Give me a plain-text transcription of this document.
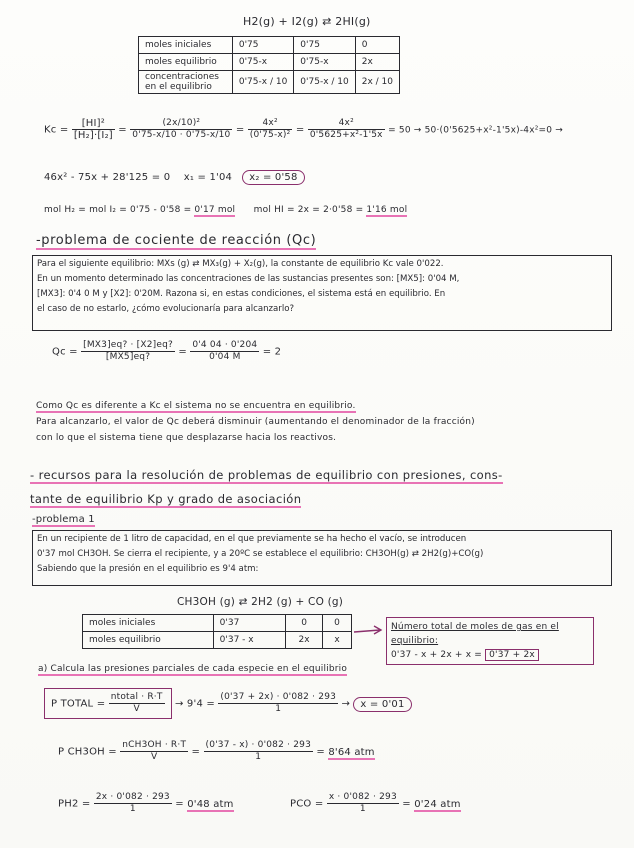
H2(g) + I2(g) ⇄ 2HI(g)
moles iniciales	0'75	0'75	0
moles equilibrio	0'75-x	0'75-x	2x
concentraciones en el equilibrio	0'75-x / 10	0'75-x / 10	2x / 10
$Kc = \frac{\text{[HI]²}}{\text{[H₂]·[I₂]}} = \frac{\text{(2x/10)²}}{0'75-x/10 \cdot 0'75-x/10} = \frac{\text{4x²}}{\text{(0'75-x)²}} = \frac{\text{4x²}}{\text{0'5625+x²-1'5x}} = 50 \to 50\cdot(0'5625+x^2-1'5x)-4x^2=0$ →
46x² - 75x + 28'125 = 0 x₁ = 1'04 x₂ = 0'58
mol H₂ = mol I₂ = 0'75 - 0'58 = 0'17 mol mol HI = 2x = 2·0'58 = 1'16 mol
-problema de cociente de reacción (Qc)
Para el siguiente equilibrio: MXs (g) ⇄ MX₃(g) + X₂(g), la constante de equilibrio Kc vale 0'022.
En un momento determinado las concentraciones de las sustancias presentes son: [MX5]: 0'04 M,
[MX3]: 0'4 0 M y [X2]: 0'20M. Razona si, en estas condiciones, el sistema está en equilibrio. En
el caso de no estarlo, ¿cómo evolucionaría para alcanzarlo?
$Qc = \frac{[MX3]eq? \cdot [X2]eq?}{[MX5]eq?} = \frac{0'4 04 \cdot 0'204}{0'04 M} = 2$
Como Qc es diferente a Kc el sistema no se encuentra en equilibrio.
Para alcanzarlo, el valor de Qc deberá disminuir (aumentando el denominador de la fracción)
con lo que el sistema tiene que desplazarse hacia los reactivos.
- recursos para la resolución de problemas de equilibrio con presiones, cons-
tante de equilibrio Kp y grado de asociación
-problema 1
En un recipiente de 1 litro de capacidad, en el que previamente se ha hecho el vacío, se introducen
0'37 mol CH3OH. Se cierra el recipiente, y a 20ºC se establece el equilibrio: CH3OH(g) ⇄ 2H2(g)+CO(g)
Sabiendo que la presión en el equilibrio es 9'4 atm:
CH3OH (g) ⇄ 2H2 (g) + CO (g)
moles iniciales	0'37	0	0
moles equilibrio	0'37 - x	2x	x
Número total de moles de gas en el
equilibrio:
0'37 - x + 2x + x = 0'37 + 2x
a) Calcula las presiones parciales de cada especie en el equilibrio
P TOTAL = $\frac{\text{ntotal · R·T}}{V} \to 9'4 = \frac{(0'37 + 2x) \cdot 0'082 \cdot 293}{1} \to x = 0'01$
P $CH3OH = \frac{\text{nCH3OH · R·T}}{V} = \frac{(0'37 - x) \cdot 0'082 \cdot 293}{1} = 8'64$ atm
$PH2 = \frac{2x \cdot 0'082 \cdot 293}{1} = 0'48$ atm	PCO = $\frac{x \cdot 0'082 \cdot 293}{1} = 0'24$ atm
